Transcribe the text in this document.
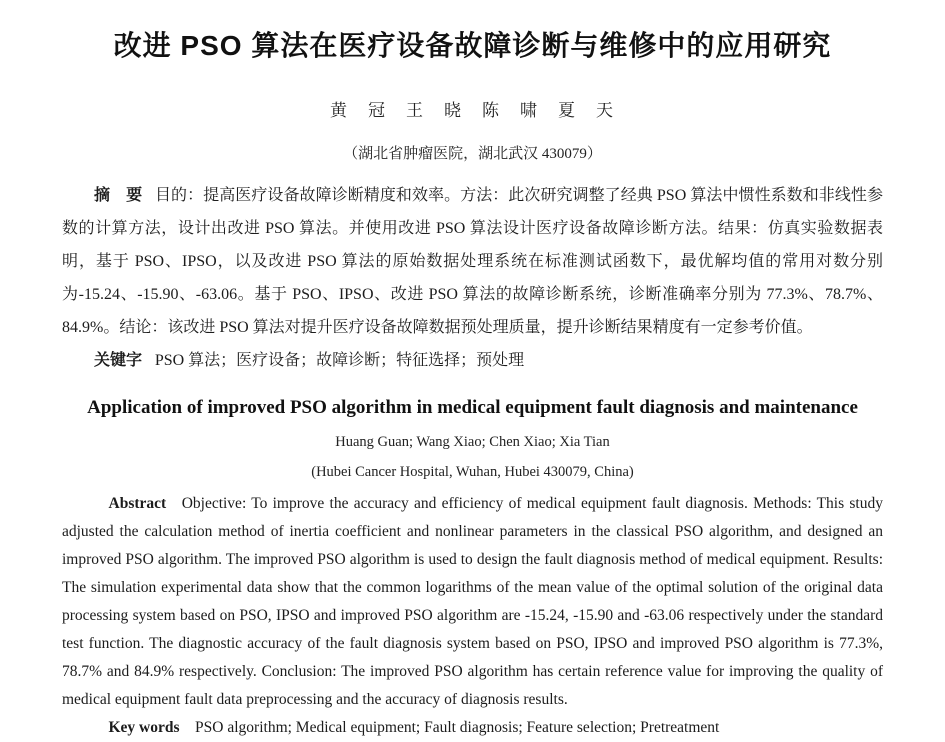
改进 PSO 算法在医疗设备故障诊断与维修中的应用研究
黄　冠　王　晓　陈　啸　夏　天
（湖北省肿瘤医院，湖北武汉 430079）

摘　要 目的：提高医疗设备故障诊断精度和效率。方法：此次研究调整了经典 PSO 算法中惯性系数和非线性参数的计算方法，设计出改进 PSO 算法。并使用改进 PSO 算法设计医疗设备故障诊断方法。结果：仿真实验数据表明，基于 PSO、IPSO，以及改进 PSO 算法的原始数据处理系统在标准测试函数下，最优解均值的常用对数分别为-15.24、-15.90、-63.06。基于 PSO、IPSO、改进 PSO 算法的故障诊断系统，诊断准确率分别为 77.3%、78.7%、84.9%。结论：该改进 PSO 算法对提升医疗设备故障数据预处理质量，提升诊断结果精度有一定参考价值。

关键字 PSO 算法；医疗设备；故障诊断；特征选择；预处理

Application of improved PSO algorithm in medical equipment fault diagnosis and maintenance
Huang Guan; Wang Xiao; Chen Xiao; Xia Tian
(Hubei Cancer Hospital, Wuhan, Hubei 430079, China)

Abstract Objective: To improve the accuracy and efficiency of medical equipment fault diagnosis. Methods: This study adjusted the calculation method of inertia coefficient and nonlinear parameters in the classical PSO algorithm, and designed an improved PSO algorithm. The improved PSO algorithm is used to design the fault diagnosis method of medical equipment. Results: The simulation experimental data show that the common logarithms of the mean value of the optimal solution of the original data processing system based on PSO, IPSO and improved PSO algorithm are -15.24, -15.90 and -63.06 respectively under the standard test function. The diagnostic accuracy of the fault diagnosis system based on PSO, IPSO and improved PSO algorithm is 77.3%, 78.7% and 84.9% respectively. Conclusion: The improved PSO algorithm has certain reference value for improving the quality of medical equipment fault data preprocessing and the accuracy of diagnosis results.

Key words PSO algorithm; Medical equipment; Fault diagnosis; Feature selection; Pretreatment
